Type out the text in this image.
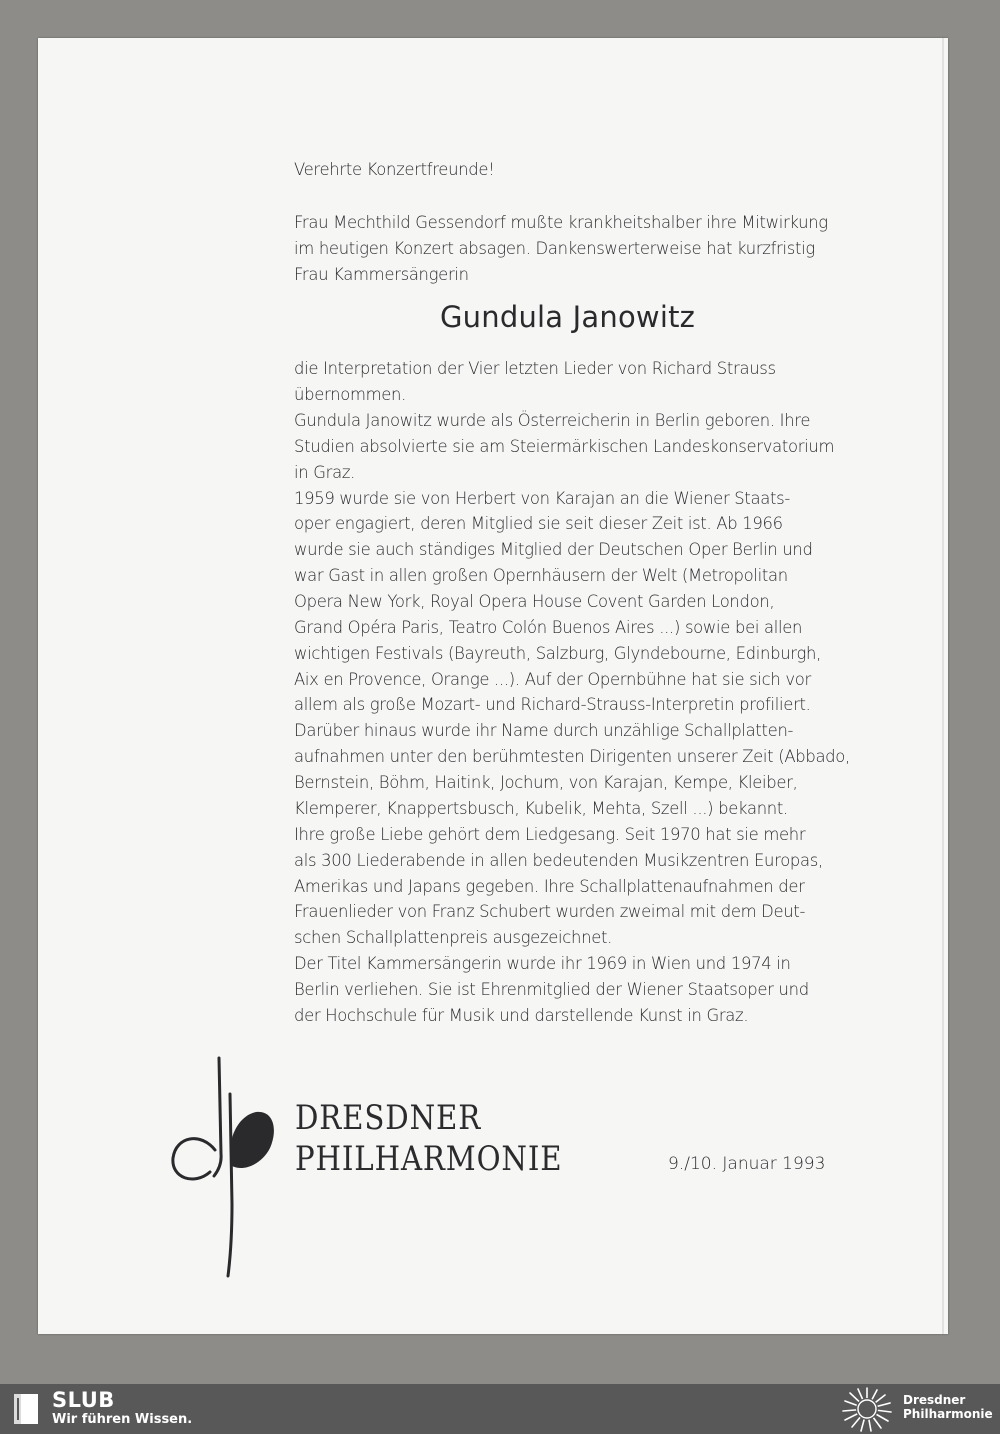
Verehrte Konzertfreunde!
Frau Mechthild Gessendorf mußte krankheitshalber ihre Mitwirkung
im heutigen Konzert absagen. Dankenswerterweise hat kurzfristig
Frau Kammersängerin
Gundula Janowitz
die Interpretation der Vier letzten Lieder von Richard Strauss
übernommen.
Gundula Janowitz wurde als Österreicherin in Berlin geboren. Ihre
Studien absolvierte sie am Steiermärkischen Landeskonservatorium
in Graz.
1959 wurde sie von Herbert von Karajan an die Wiener Staats-
oper engagiert, deren Mitglied sie seit dieser Zeit ist. Ab 1966
wurde sie auch ständiges Mitglied der Deutschen Oper Berlin und
war Gast in allen großen Opernhäusern der Welt (Metropolitan
Opera New York, Royal Opera House Covent Garden London,
Grand Opéra Paris, Teatro Colón Buenos Aires ...) sowie bei allen
wichtigen Festivals (Bayreuth, Salzburg, Glyndebourne, Edinburgh,
Aix en Provence, Orange ...). Auf der Opernbühne hat sie sich vor
allem als große Mozart- und Richard-Strauss-Interpretin profiliert.
Darüber hinaus wurde ihr Name durch unzählige Schallplatten-
aufnahmen unter den berühmtesten Dirigenten unserer Zeit (Abbado,
Bernstein, Böhm, Haitink, Jochum, von Karajan, Kempe, Kleiber,
Klemperer, Knappertsbusch, Kubelik, Mehta, Szell ...) bekannt.
Ihre große Liebe gehört dem Liedgesang. Seit 1970 hat sie mehr
als 300 Liederabende in allen bedeutenden Musikzentren Europas,
Amerikas und Japans gegeben. Ihre Schallplattenaufnahmen der
Frauenlieder von Franz Schubert wurden zweimal mit dem Deut-
schen Schallplattenpreis ausgezeichnet.
Der Titel Kammersängerin wurde ihr 1969 in Wien und 1974 in
Berlin verliehen. Sie ist Ehrenmitglied der Wiener Staatsoper und
der Hochschule für Musik und darstellende Kunst in Graz.
DRESDNER
PHILHARMONIE	9./10. Januar 1993
SLUB
Wir führen Wissen.
Dresdner
Philharmonie
